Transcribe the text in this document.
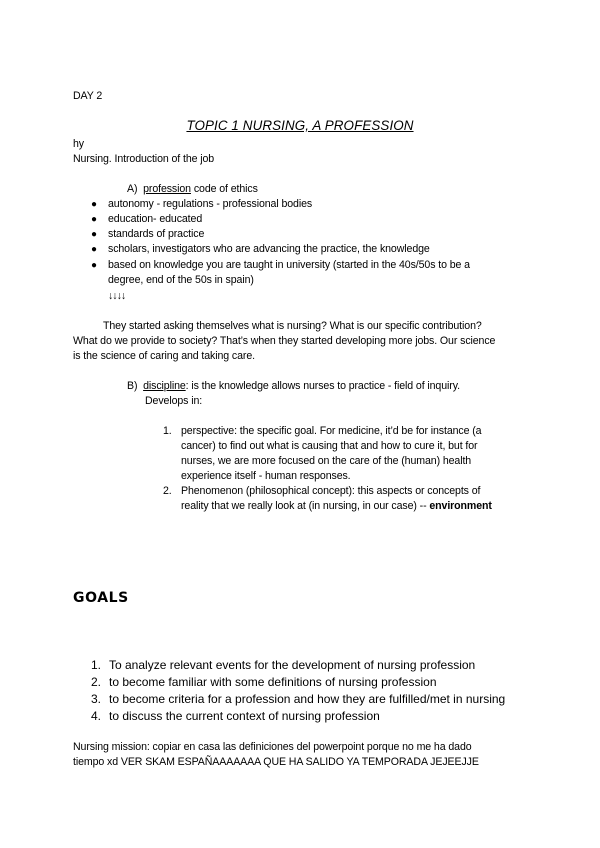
DAY 2
TOPIC 1 NURSING, A PROFESSION
hy
Nursing. Introduction of the job
A) profession code of ethics
● autonomy - regulations - professional bodies
● education- educated
● standards of practice
● scholars, investigators who are advancing the practice, the knowledge
● based on knowledge you are taught in university (started in the 40s/50s to be a
degree, end of the 50s in spain)
↓↓↓↓
They started asking themselves what is nursing? What is our specific contribution?
What do we provide to society? That’s when they started developing more jobs. Our science
is the science of caring and taking care.
B) discipline: is the knowledge allows nurses to practice - field of inquiry.
Develops in:
1. perspective: the specific goal. For medicine, it’d be for instance (a
cancer) to find out what is causing that and how to cure it, but for
nurses, we are more focused on the care of the (human) health
experience itself - human responses.
2. Phenomenon (philosophical concept): this aspects or concepts of
reality that we really look at (in nursing, in our case) -- environment
GOALS
1. To analyze relevant events for the development of nursing profession
2. to become familiar with some definitions of nursing profession
3. to become criteria for a profession and how they are fulfilled/met in nursing
4. to discuss the current context of nursing profession
Nursing mission: copiar en casa las definiciones del powerpoint porque no me ha dado
tiempo xd VER SKAM ESPAÑAAAAAAA QUE HA SALIDO YA TEMPORADA JEJEEJJE
